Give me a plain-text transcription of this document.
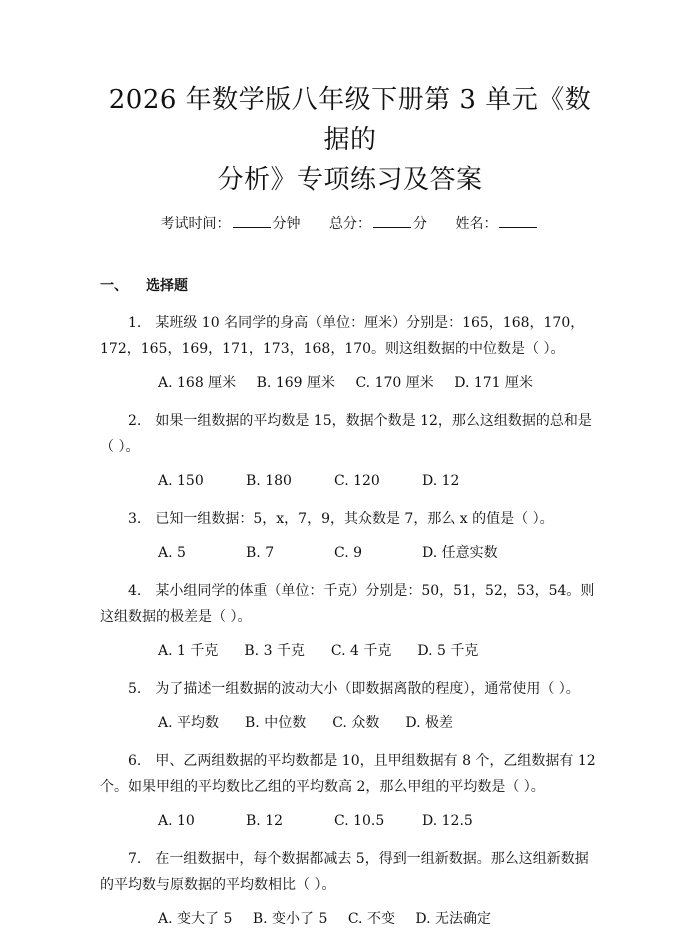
2026 年数学版八年级下册第 3 单元《数据的
分析》专项练习及答案
考试时间：	分钟 总分：	分 姓名：
一、 选择题

1. 某班级 10 名同学的身高（单位：厘米）分别是：165，168，170，172，165，169，171，173，168，170。则这组数据的中位数是（ ）。

A. 168 厘米 B. 169 厘米 C. 170 厘米 D. 171 厘米

2. 如果一组数据的平均数是 15，数据个数是 12，那么这组数据的总和是（ ）。

A. 150	B. 180	C. 120	D. 12

3. 已知一组数据：5，x，7，9，其众数是 7，那么 x 的值是（ ）。

A. 5	B. 7	C. 9	D. 任意实数

4. 某小组同学的体重（单位：千克）分别是：50，51，52，53，54。则这组数据的极差是（ ）。

A. 1 千克 B. 3 千克 C. 4 千克 D. 5 千克

5. 为了描述一组数据的波动大小（即数据离散的程度），通常使用（ ）。

A. 平均数 B. 中位数 C. 众数 D. 极差

6. 甲、乙两组数据的平均数都是 10，且甲组数据有 8 个，乙组数据有 12 个。如果甲组的平均数比乙组的平均数高 2，那么甲组的平均数是（ ）。

A. 10	B. 12	C. 10.5	D. 12.5

7. 在一组数据中，每个数据都减去 5，得到一组新数据。那么这组新数据的平均数与原数据的平均数相比（ ）。

A. 变大了 5 B. 变小了 5 C. 不变 D. 无法确定
